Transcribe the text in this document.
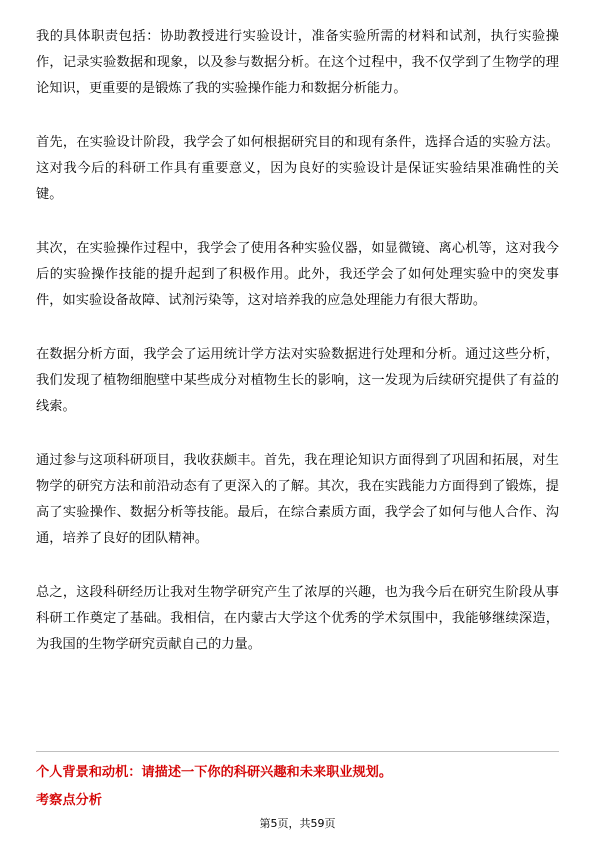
我的具体职责包括：协助教授进行实验设计，准备实验所需的材料和试剂，执行实验操作，记录实验数据和现象，以及参与数据分析。在这个过程中，我不仅学到了生物学的理论知识，更重要的是锻炼了我的实验操作能力和数据分析能力。

首先，在实验设计阶段，我学会了如何根据研究目的和现有条件，选择合适的实验方法。这对我今后的科研工作具有重要意义，因为良好的实验设计是保证实验结果准确性的关键。

其次，在实验操作过程中，我学会了使用各种实验仪器，如显微镜、离心机等，这对我今后的实验操作技能的提升起到了积极作用。此外，我还学会了如何处理实验中的突发事件，如实验设备故障、试剂污染等，这对培养我的应急处理能力有很大帮助。

在数据分析方面，我学会了运用统计学方法对实验数据进行处理和分析。通过这些分析，我们发现了植物细胞壁中某些成分对植物生长的影响，这一发现为后续研究提供了有益的线索。

通过参与这项科研项目，我收获颇丰。首先，我在理论知识方面得到了巩固和拓展，对生物学的研究方法和前沿动态有了更深入的了解。其次，我在实践能力方面得到了锻炼，提高了实验操作、数据分析等技能。最后，在综合素质方面，我学会了如何与他人合作、沟通，培养了良好的团队精神。

总之，这段科研经历让我对生物学研究产生了浓厚的兴趣，也为我今后在研究生阶段从事科研工作奠定了基础。我相信，在内蒙古大学这个优秀的学术氛围中，我能够继续深造，为我国的生物学研究贡献自己的力量。

个人背景和动机：请描述一下你的科研兴趣和未来职业规划。

考察点分析

第5页，共59页
